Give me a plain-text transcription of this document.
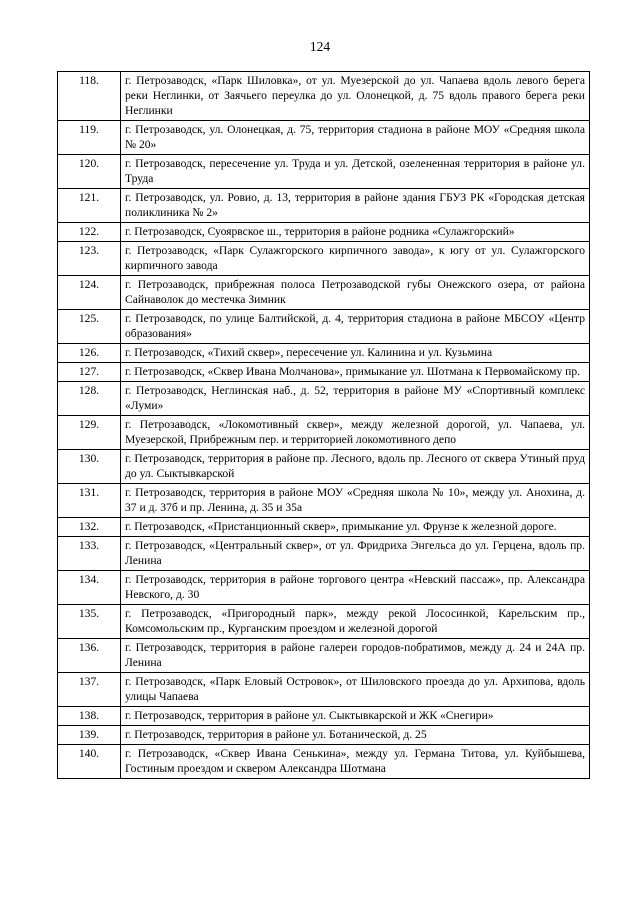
124
118.	г. Петрозаводск, «Парк Шиловка», от ул. Муезерской до ул. Чапаева вдоль левого берега реки Неглинки, от Заячьего переулка до ул. Олонецкой, д. 75 вдоль правого берега реки Неглинки
119.	г. Петрозаводск, ул. Олонецкая, д. 75, территория стадиона в районе МОУ «Средняя школа № 20»
120.	г. Петрозаводск, пересечение ул. Труда и ул. Детской, озелененная территория в районе ул. Труда
121.	г. Петрозаводск, ул. Ровио, д. 13, территория в районе здания ГБУЗ РК «Городская детская поликлиника № 2»
122.	г. Петрозаводск, Суоярвское ш., территория в районе родника «Сулажгорский»
123.	г. Петрозаводск, «Парк Сулажгорского кирпичного завода», к югу от ул. Сулажгорского кирпичного завода
124.	г. Петрозаводск, прибрежная полоса Петрозаводской губы Онежского озера, от района Сайнаволок до местечка Зимник
125.	г. Петрозаводск, по улице Балтийской, д. 4, территория стадиона в районе МБСОУ «Центр образования»
126.	г. Петрозаводск, «Тихий сквер», пересечение ул. Калинина и ул. Кузьмина
127.	г. Петрозаводск, «Сквер Ивана Молчанова», примыкание ул. Шотмана к Первомайскому пр.
128.	г. Петрозаводск, Неглинская наб., д. 52, территория в районе МУ «Спортивный комплекс «Луми»
129.	г. Петрозаводск, «Локомотивный сквер», между железной дорогой, ул. Чапаева, ул. Муезерской, Прибрежным пер. и территорией локомотивного депо
130.	г. Петрозаводск, территория в районе пр. Лесного, вдоль пр. Лесного от сквера Утиный пруд до ул. Сыктывкарской
131.	г. Петрозаводск, территория в районе МОУ «Средняя школа № 10», между ул. Анохина, д. 37 и д. 37б и пр. Ленина, д. 35 и 35а
132.	г. Петрозаводск, «Пристанционный сквер», примыкание ул. Фрунзе к железной дороге.
133.	г. Петрозаводск, «Центральный сквер», от ул. Фридриха Энгельса до ул. Герцена, вдоль пр. Ленина
134.	г. Петрозаводск, территория в районе торгового центра «Невский пассаж», пр. Александра Невского, д. 30
135.	г. Петрозаводск, «Пригородный парк», между рекой Лососинкой, Карельским пр., Комсомольским пр., Курганским проездом и железной дорогой
136.	г. Петрозаводск, территория в районе галереи городов-побратимов, между д. 24 и 24А пр. Ленина
137.	г. Петрозаводск, «Парк Еловый Островок», от Шиловского проезда до ул. Архипова, вдоль улицы Чапаева
138.	г. Петрозаводск, территория в районе ул. Сыктывкарской и ЖК «Снегири»
139.	г. Петрозаводск, территория в районе ул. Ботанической, д. 25
140.	г. Петрозаводск, «Сквер Ивана Сенькина», между ул. Германа Титова, ул. Куйбышева, Гостиным проездом и сквером Александра Шотмана
